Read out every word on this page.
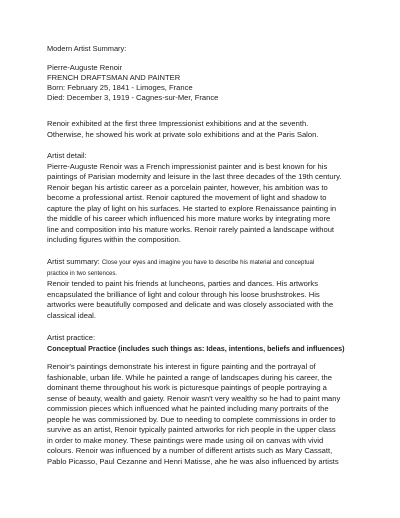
Modern Artist Summary:
Pierre-Auguste Renoir
FRENCH DRAFTSMAN AND PAINTER
Born: February 25, 1841 - Limoges, France
Died: December 3, 1919 - Cagnes-sur-Mer, France
Renoir exhibited at the first three Impressionist exhibitions and at the seventh.
Otherwise, he showed his work at private solo exhibitions and at the Paris Salon.
Artist detail:
Pierre-Auguste Renoir was a French impressionist painter and is best known for his
paintings of Parisian modernity and leisure in the last three decades of the 19th century.
Renoir began his artistic career as a porcelain painter, however, his ambition was to
become a professional artist. Renoir captured the movement of light and shadow to
capture the play of light on his surfaces. He started to explore Renaissance painting in
the middle of his career which influenced his more mature works by integrating more
line and composition into his mature works. Renoir rarely painted a landscape without
including figures within the composition.
Artist summary: Close your eyes and imagine you have to describe his material and conceptual
practice in two sentences.
Renoir tended to paint his friends at luncheons, parties and dances. His artworks
encapsulated the brilliance of light and colour through his loose brushstrokes. His
artworks were beautifully composed and delicate and was closely associated with the
classical ideal.
Artist practice:
Conceptual Practice (includes such things as: Ideas, intentions, beliefs and influences)
Renoir's paintings demonstrate his interest in figure painting and the portrayal of
fashionable, urban life. While he painted a range of landscapes during his career, the
dominant theme throughout his work is picturesque paintings of people portraying a
sense of beauty, wealth and gaiety. Renoir wasn't very wealthy so he had to paint many
commission pieces which influenced what he painted including many portraits of the
people he was commissioned by. Due to needing to complete commissions in order to
survive as an artist, Renoir typically painted artworks for rich people in the upper class
in order to make money. These paintings were made using oil on canvas with vivid
colours. Renoir was influenced by a number of different artists such as Mary Cassatt,
Pablo Picasso, Paul Cezanne and Henri Matisse, ahe he was also influenced by artists
